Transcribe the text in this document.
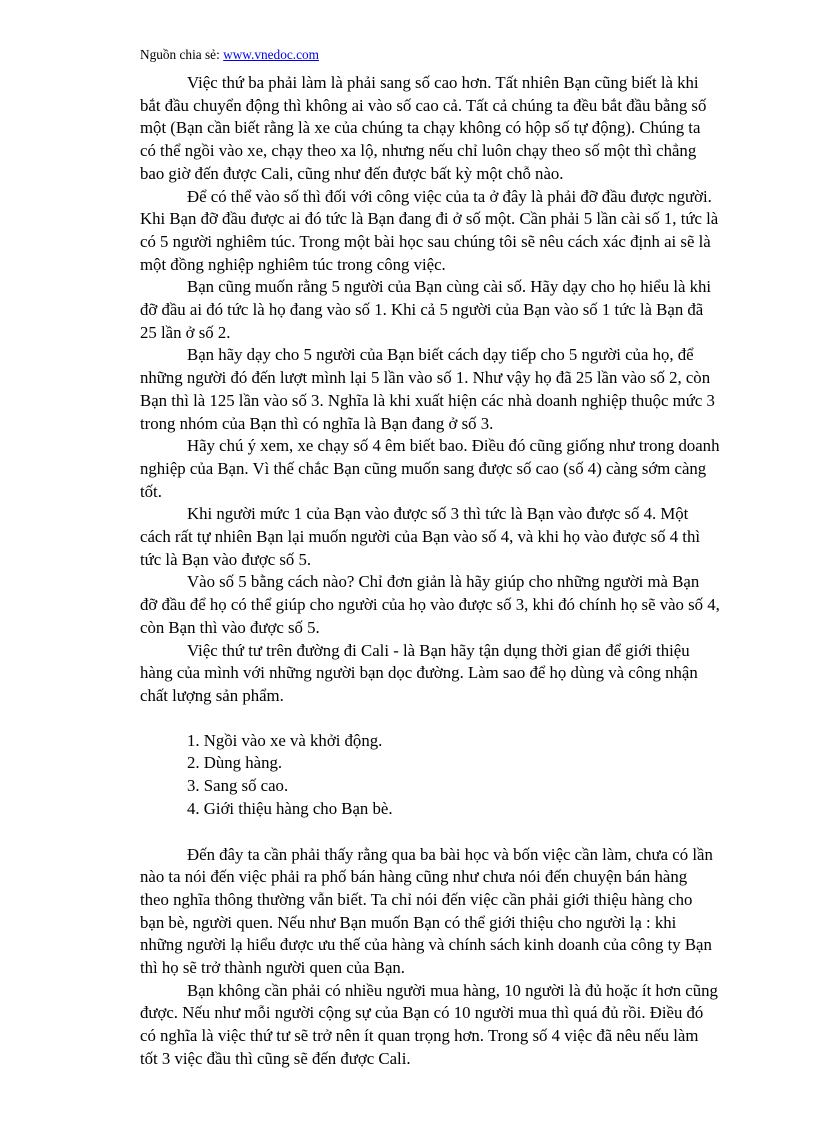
Nguồn chia sẻ: www.vnedoc.com

Việc thứ ba phải làm là phải sang số cao hơn. Tất nhiên Bạn cũng biết là khi bắt đầu chuyển động thì không ai vào số cao cả. Tất cả chúng ta đều bắt đầu bằng số một (Bạn cần biết rằng là xe của chúng ta chạy không có hộp số tự động). Chúng ta có thể ngồi vào xe, chạy theo xa lộ, nhưng nếu chỉ luôn chạy theo số một thì chẳng bao giờ đến được Cali, cũng như đến được bất kỳ một chỗ nào.

Để có thể vào số thì đối với công việc của ta ở đây là phải đỡ đầu được người. Khi Bạn đỡ đầu được ai đó tức là Bạn đang đi ở số một. Cần phải 5 lần cài số 1, tức là có 5 người nghiêm túc. Trong một bài học sau chúng tôi sẽ nêu cách xác định ai sẽ là một đồng nghiệp nghiêm túc trong công việc.

Bạn cũng muốn rằng 5 người của Bạn cùng cài số. Hãy dạy cho họ hiểu là khi đỡ đầu ai đó tức là họ đang vào số 1. Khi cả 5 người của Bạn vào số 1 tức là Bạn đã 25 lần ở số 2.

Bạn hãy dạy cho 5 người của Bạn biết cách dạy tiếp cho 5 người của họ, để những người đó đến lượt mình lại 5 lần vào số 1. Như vậy họ đã 25 lần vào số 2, còn Bạn thì là 125 lần vào số 3. Nghĩa là khi xuất hiện các nhà doanh nghiệp thuộc mức 3 trong nhóm của Bạn thì có nghĩa là Bạn đang ở số 3.

Hãy chú ý xem, xe chạy số 4 êm biết bao. Điều đó cũng giống như trong doanh nghiệp của Bạn. Vì thế chắc Bạn cũng muốn sang được số cao (số 4) càng sớm càng tốt.

Khi người mức 1 của Bạn vào được số 3 thì tức là Bạn vào được số 4. Một cách rất tự nhiên Bạn lại muốn người của Bạn vào số 4, và khi họ vào được số 4 thì tức là Bạn vào được số 5.

Vào số 5 bằng cách nào? Chỉ đơn giản là hãy giúp cho những người mà Bạn đỡ đầu để họ có thể giúp cho người của họ vào được số 3, khi đó chính họ sẽ vào số 4, còn Bạn thì vào được số 5.

Việc thứ tư trên đường đi Cali - là Bạn hãy tận dụng thời gian để giới thiệu hàng của mình với những người bạn dọc đường. Làm sao để họ dùng và công nhận chất lượng sản phẩm.

1. Ngồi vào xe và khởi động.
2. Dùng hàng.
3. Sang số cao.
4. Giới thiệu hàng cho Bạn bè.

Đến đây ta cần phải thấy rằng qua ba bài học và bốn việc cần làm, chưa có lần nào ta nói đến việc phải ra phố bán hàng cũng như chưa nói đến chuyện bán hàng theo nghĩa thông thường vẫn biết. Ta chỉ nói đến việc cần phải giới thiệu hàng cho bạn bè, người quen. Nếu như Bạn muốn Bạn có thể giới thiệu cho người lạ : khi những người lạ hiểu được ưu thế của hàng và chính sách kinh doanh của công ty Bạn thì họ sẽ trở thành người quen của Bạn.

Bạn không cần phải có nhiều người mua hàng, 10 người là đủ hoặc ít hơn cũng được. Nếu như mỗi người cộng sự của Bạn có 10 người mua thì quá đủ rồi. Điều đó có nghĩa là việc thứ tư sẽ trở nên ít quan trọng hơn. Trong số 4 việc đã nêu nếu làm tốt 3 việc đầu thì cũng sẽ đến được Cali.
